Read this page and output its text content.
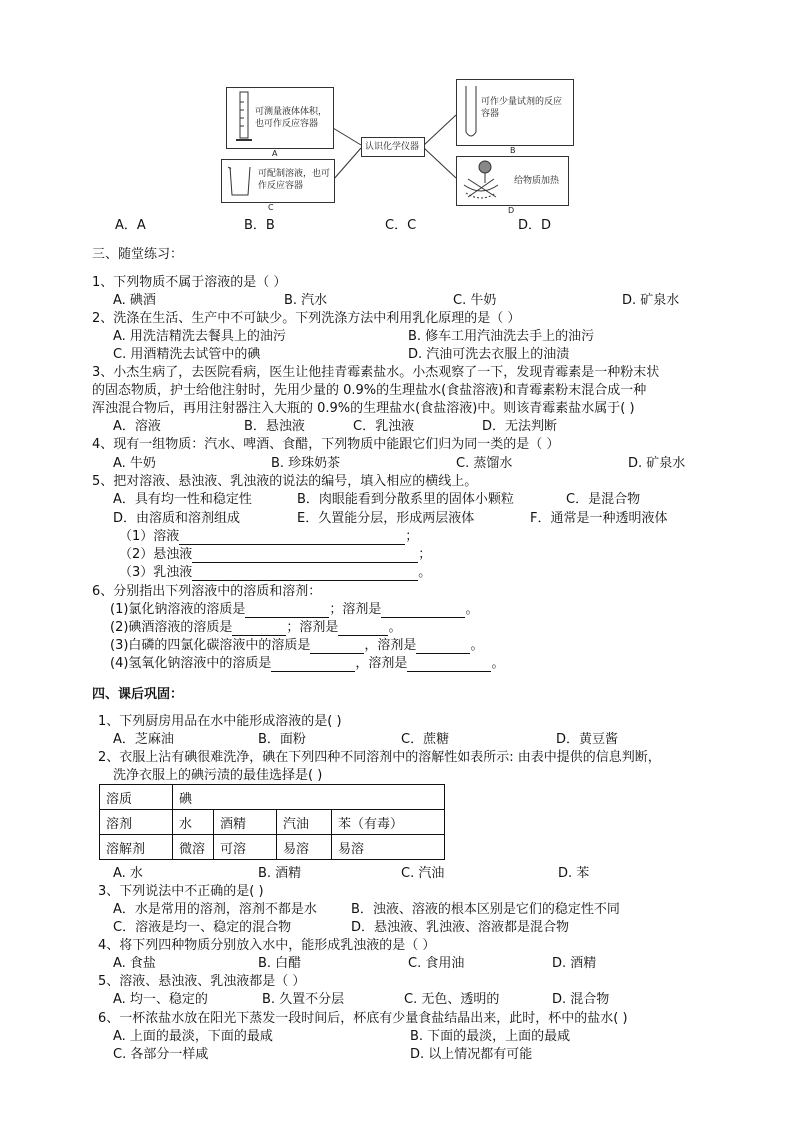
可测量液体体积，也可作反应容器
A
可配制溶液，也可作反应容器
C
认识化学仪器
可作少量试剂的反应容器
B
给物质加热
D
A．A	B．B	C．C	D．D
三、随堂练习：
1、下列物质不属于溶液的是（ ）
A. 碘酒	B. 汽水	C. 牛奶	D. 矿泉水
2、洗涤在生活、生产中不可缺少。下列洗涤方法中利用乳化原理的是（ ）
A. 用洗洁精洗去餐具上的油污	B. 修车工用汽油洗去手上的油污
C. 用酒精洗去试管中的碘	D. 汽油可洗去衣服上的油渍
3、小杰生病了，去医院看病，医生让他挂青霉素盐水。小杰观察了一下，发现青霉素是一种粉末状
的固态物质，护士给他注射时，先用少量的 0.9%的生理盐水(食盐溶液)和青霉素粉末混合成一种
浑浊混合物后，再用注射器注入大瓶的 0.9%的生理盐水(食盐溶液)中。则该青霉素盐水属于( )
A．溶液	B．悬浊液	C．乳浊液	D．无法判断
4、现有一组物质：汽水、啤酒、食醋，下列物质中能跟它们归为同一类的是（ ）
A. 牛奶	B. 珍珠奶茶	C. 蒸馏水	D. 矿泉水
5、把对溶液、悬浊液、乳浊液的说法的编号，填入相应的横线上。
A．具有均一性和稳定性	B．肉眼能看到分散系里的固体小颗粒	C．是混合物
D．由溶质和溶剂组成	E．久置能分层，形成两层液体	F．通常是一种透明液体
（1）溶液	；
（2）悬浊液	；
（3）乳浊液	。
6、分别指出下列溶液中的溶质和溶剂：
(1)氯化钠溶液的溶质是	；溶剂是	。
(2)碘酒溶液的溶质是	；溶剂是	。
(3)白磷的四氯化碳溶液中的溶质是	，溶剂是	。
(4)氢氧化钠溶液中的溶质是	，溶剂是	。
四、课后巩固：
1、下列厨房用品在水中能形成溶液的是( )
A．芝麻油	B．面粉	C．蔗糖	D．黄豆酱
2、衣服上沾有碘很难洗净，碘在下列四种不同溶剂中的溶解性如表所示: 由表中提供的信息判断，
洗净衣服上的碘污渍的最佳选择是( )
溶质	碘			
溶剂	水	酒精	汽油	苯（有毒）
溶解剂	微溶	可溶	易溶	易溶
A. 水	B. 酒精	C. 汽油	D. 苯
3、下列说法中不正确的是( )
A．水是常用的溶剂，溶剂不都是水	B．浊液、溶液的根本区别是它们的稳定性不同
C．溶液是均一、稳定的混合物	D．悬浊液、乳浊液、溶液都是混合物
4、将下列四种物质分别放入水中，能形成乳浊液的是（ ）
A. 食盐	B. 白醋	C. 食用油	D. 酒精
5、溶液、悬浊液、乳浊液都是（ ）
A. 均一、稳定的	B. 久置不分层	C. 无色、透明的	D. 混合物
6、一杯浓盐水放在阳光下蒸发一段时间后，杯底有少量食盐结晶出来，此时，杯中的盐水( )
A. 上面的最淡，下面的最咸	B. 下面的最淡，上面的最咸
C. 各部分一样咸	D. 以上情况都有可能
